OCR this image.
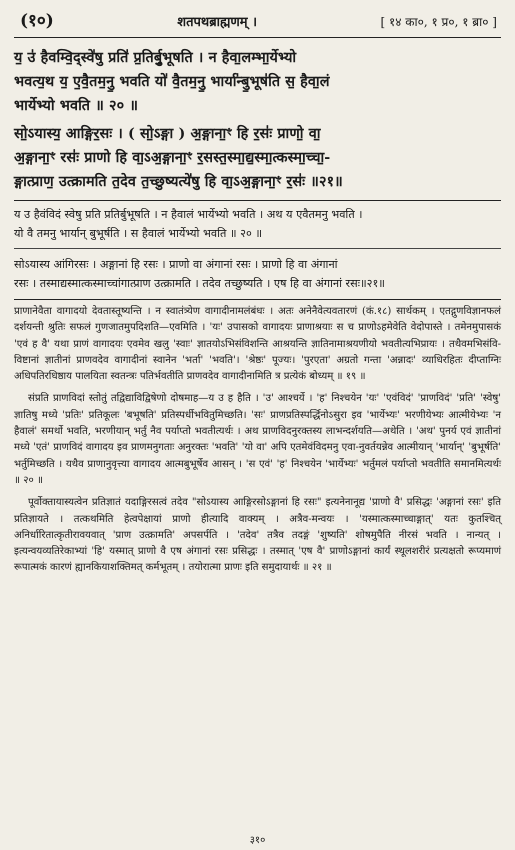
(१०)	शतपथब्राह्मणम् ।	[ १४ का०, १ प्र०, १ ब्रा० ]

य॒ उ॑ हैवम्वि॒द्स्वे॑षु प्रति॑ प्र॒तिर्बु॒भूषति । न हैवा॒लम्भा॒र्येभ्यो

भवत्य॒थ य॒ ए॒वै॒तम॒नु॒ भवति यो॑ वै॒तम॒नु॒ भार्या॑न्बु॒भूष॑ति स॒ हैवा॒लं

भार्येभ्यो भवति ॥ २० ॥

सो॒ऽयास्य॒ आङ्गिर॒सः । ( सो॒ऽङ्गा ) अ॒ङ्गाना॒ꣳ हि र॒सः॑ प्राणो॒ वा॒

अ॒ङ्गाना॒ꣳ रसः॑ प्राणो हि वा॒ऽअ॒ङ्गाना॒ꣳ र॒सस्त॒स्मा॒द्य॒स्मा॒त्कस्मा॒च्चा॒-

ङ्गात्प्राण॒ उत्क्रामति त॒देव त॒च्छुष्यत्ये॑षु हि वा॒ऽअ॒ङ्गाना॒ꣳ र॒सः॑ ॥२१॥

य उ हैवंविदं स्वेषु प्रति प्रतिर्बुभूषति । न हैवालं भार्येभ्यो भवति । अथ य एवैतमनु भवति ।

यो वै तमनु भार्यान् बुभूर्षति । स हैवालं भार्येभ्यो भवति ॥ २० ॥

सोऽयास्य आंगिरसः । अङ्गानां हि रसः । प्राणो वा अंगानां रसः । प्राणो हि वा अंगानां

रसः । तस्माद्यस्मात्कस्माच्चांगात्प्राण उत्क्रामति । तदेव तच्छुष्यति । एष हि वा अंगानां रसः॥२१॥

प्राणानेवैता वागादयो देवतास्तूष्यन्ति । न स्वातंत्र्येण वागादीनामलंबंधः । अतः अनेनैवेत्यवतारणं (कं.१८) सार्थकम् । एतद्गुणविज्ञानफलं दर्शयन्ती श्रुतिः सफलं गुणजातमुपदिशति—एवमिति । 'यः' उपासको वागादयः प्राणाश्रयाः स च प्राणोऽहमेवेति वेदोपास्ते । तमेनमुपासकं 'एवं ह वै' यथा प्राणं वागादयः एवमेव खलु 'स्वाः' ज्ञातयोऽभिसंविशन्ति आश्रयन्ति ज्ञातिनामाश्रयणीयो भवतीत्यभिप्रायः । तथैवमभिसंवि-विष्टानां ज्ञातीनां प्राणवदेव वागादीनां स्वानेन 'भर्ता' 'भवति'। 'श्रेष्ठः' पूज्यः। 'पुरएता' अग्रतो गन्ता 'अन्नादः' व्याधिरहितः दीप्ताग्निः अधिपतिरधिष्ठाय पालयिता स्वतन्त्रः पतिर्भवतीति प्राणवदेव वागादीनामिति त्र प्रत्येकं बोध्यम् ॥ १९ ॥

संप्रति प्राणविदां स्तोतुं तद्विद्याविद्विषेणो दोषमाह—य उ ह हैति । 'उ' आश्चर्ये । 'ह' निश्चयेन 'यः' 'एवंविदं' 'प्राणविदं' 'प्रति' 'स्वेषु' ज्ञातिषु मध्ये 'प्रतिः' प्रतिकूलः 'बभूषति' प्रतिस्पर्धीभवितुमिच्छति। 'सः' प्राणप्रतिस्पर्द्धिनोऽसुरा इव 'भार्येभ्यः' भरणीयेभ्यः आत्मीयेभ्यः 'न हैवालं' समर्थो भवति, भरणीयान् भर्तुं नैव पर्याप्तो भवतीत्यर्थः । अथ प्राणविदनुरक्तस्य लाभन्दर्शयति—अथेति । 'अथ' पुनर्य एवं ज्ञातीनां मध्ये 'एतं' प्राणविदं वागादय इव प्राणमनुगताः अनुरक्तः 'भवति' 'यो वा' अपि एतमेवंविदमनु एवा-नुवर्तयन्नेव आत्मीयान् 'भार्यान्' 'बुभूर्षति' भर्तुमिच्छति । यथैव प्राणानुवृत्त्या वागादय आत्मबुभूर्षेव आसन् । 'स एवं' 'ह' निश्चयेन 'भार्येभ्यः' भर्तुमलं पर्याप्तो भवतीति समानमित्यर्थः ॥ २० ॥

पूर्वोक्तायास्यत्वेन प्रतिज्ञातं यदाङ्गिरसत्वं तदेव "सोऽयास्य आङ्गिरसोऽङ्गानां हि रसः" इत्यनेनानूद्य 'प्राणो वै' प्रसिद्धः 'अङ्गानां रसः' इति प्रतिज्ञायते । तत्कथमिति हेत्वपेक्षायां प्राणो हीत्यादि वाक्यम् । अत्रैव-मन्वयः । 'यस्मात्कस्माच्चाङ्गात्' यतः कुतश्चित् अनिर्धारितात्कृतीरावयवात् 'प्राण उत्क्रामति' अपसर्पति । 'तदेव' तत्रैव तदङ्गं 'शुष्यति' शोषमुपैति नीरसं भवति । नान्यत् । इत्यन्वयव्यतिरेकाभ्यां 'हि' यस्मात् प्राणो वै एष अंगानां रसः प्रसिद्धः । तस्मात् 'एष वै' प्राणोऽङ्गानां कार्यं स्थूलशरीरं प्रत्यक्षतो रूप्यमाणं रूपात्मकं कारणं ह्यानकियाशक्तिमत् कर्मभूतम् । तयोरात्मा प्राणः इति समुदायार्थः ॥ २१ ॥

३१०
